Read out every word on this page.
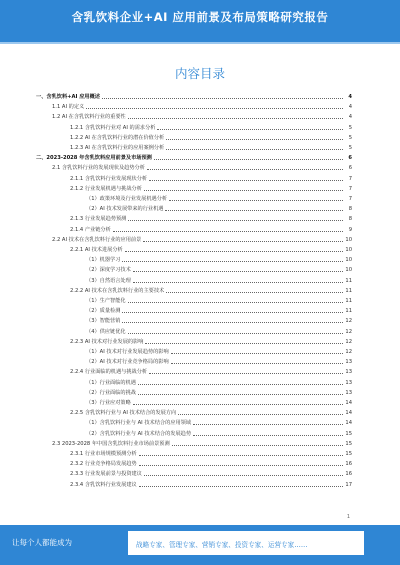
含乳饮料企业+AI 应用前景及布局策略研究报告
内容目录
一、含乳饮料+AI 应用概述	4
1.1 AI 的定义	4
1.2 AI 在含乳饮料行业的重要性	4
1.2.1 含乳饮料行业对 AI 的需求分析	5
1.2.2 AI 在含乳饮料行业的潜在价值分析	5
1.2.3 AI 在含乳饮料行业的应用案例分析	5
二、2023-2028 年含乳饮料应用前景及市场预测	6
2.1 含乳饮料行业的发展现状及趋势分析	6
2.1.1 含乳饮料行业发展现状分析	7
2.1.2 行业发展机遇与挑战分析	7
（1）政策环境及行业发展机遇分析	7
（2）AI 技术发展带来的行业机遇	8
2.1.3 行业发展趋势预测	8
2.1.4 产业链分析	9
2.2 AI 技术在含乳饮料行业的应用前景	10
2.2.1 AI 技术进展分析	10
（1）机器学习	10
（2）深度学习技术	10
（3）自然语言处理	11
2.2.2 AI 技术在含乳饮料行业的主要技术	11
（1）生产智能化	11
（2）质量检测	11
（3）智能营销	12
（4）供应链优化	12
2.2.3 AI 技术对行业发展的影响	12
（1）AI 技术对行业发展趋势的影响	12
（2）AI 技术对行业竞争格局的影响	13
2.2.4 行业面临的机遇与挑战分析	13
（1）行业面临的机遇	13
（2）行业面临的挑战	13
（3）行业应对策略	14
2.2.5 含乳饮料行业与 AI 技术结合的发展方向	14
（1）含乳饮料行业与 AI 技术结合的应用领域	14
（2）含乳饮料行业与 AI 技术结合的发展趋势	15
2.3 2023-2028 年中国含乳饮料行业市场前景预测	15
2.3.1 行业市场规模预测分析	15
2.3.2 行业竞争格局发展趋势	16
2.3.3 行业发展前景与投资建议	16
2.3.4 含乳饮料行业发展建议	17
1
让每个人都能成为	战略专家、管理专家、营销专家、投资专家、运营专家……
